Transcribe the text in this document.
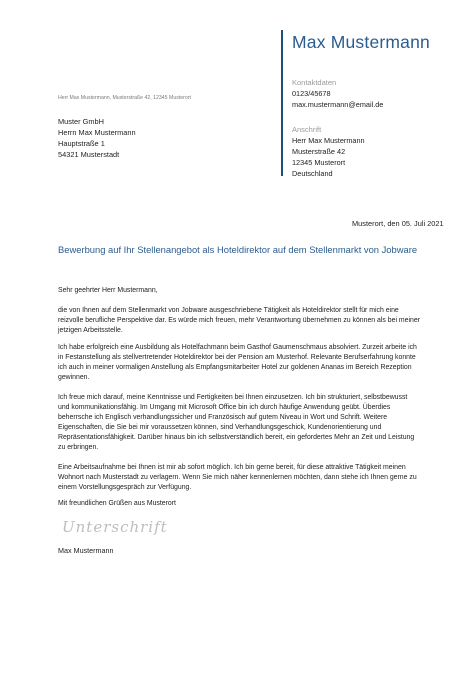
Max Mustermann
Kontaktdaten
0123/45678
max.mustermann@email.de
Anschrift
Herr Max Mustermann
Musterstraße 42
12345 Musterort
Deutschland
Herr Max Mustermann, Musterstraße 42, 12345 Musterort
Muster GmbH
Herrn Max Mustermann
Hauptstraße 1
54321 Musterstadt
Musterort, den 05. Juli 2021
Bewerbung auf Ihr Stellenangebot als Hoteldirektor auf dem Stellenmarkt von Jobware
Sehr geehrter Herr Mustermann,
die von Ihnen auf dem Stellenmarkt von Jobware ausgeschriebene Tätigkeit als Hoteldirektor stellt für mich eine reizvolle berufliche Perspektive dar. Es würde mich freuen, mehr Verantwortung übernehmen zu können als bei meiner jetzigen Arbeitsstelle.
Ich habe erfolgreich eine Ausbildung als Hotelfachmann beim Gasthof Gaumenschmaus absolviert. Zurzeit arbeite ich in Festanstellung als stellvertretender Hoteldirektor bei der Pension am Musterhof. Relevante Berufserfahrung konnte ich auch in meiner vormaligen Anstellung als Empfangsmitarbeiter Hotel zur goldenen Ananas im Bereich Rezeption gewinnen.
Ich freue mich darauf, meine Kenntnisse und Fertigkeiten bei Ihnen einzusetzen. Ich bin strukturiert, selbstbewusst und kommunikationsfähig. Im Umgang mit Microsoft Office bin ich durch häufige Anwendung geübt. Überdies beherrsche ich Englisch verhandlungssicher und Französisch auf gutem Niveau in Wort und Schrift. Weitere Eigenschaften, die Sie bei mir voraussetzen können, sind Verhandlungsgeschick, Kundenorientierung und Repräsentationsfähigkeit. Darüber hinaus bin ich selbstverständlich bereit, ein gefordertes Mehr an Zeit und Leistung zu erbringen.
Eine Arbeitsaufnahme bei Ihnen ist mir ab sofort möglich. Ich bin gerne bereit, für diese attraktive Tätigkeit meinen Wohnort nach Musterstadt zu verlagern. Wenn Sie mich näher kennenlernen möchten, dann stehe ich Ihnen gerne zu einem Vorstellungsgespräch zur Verfügung.
Mit freundlichen Grüßen aus Musterort
Unterschrift
Max Mustermann
